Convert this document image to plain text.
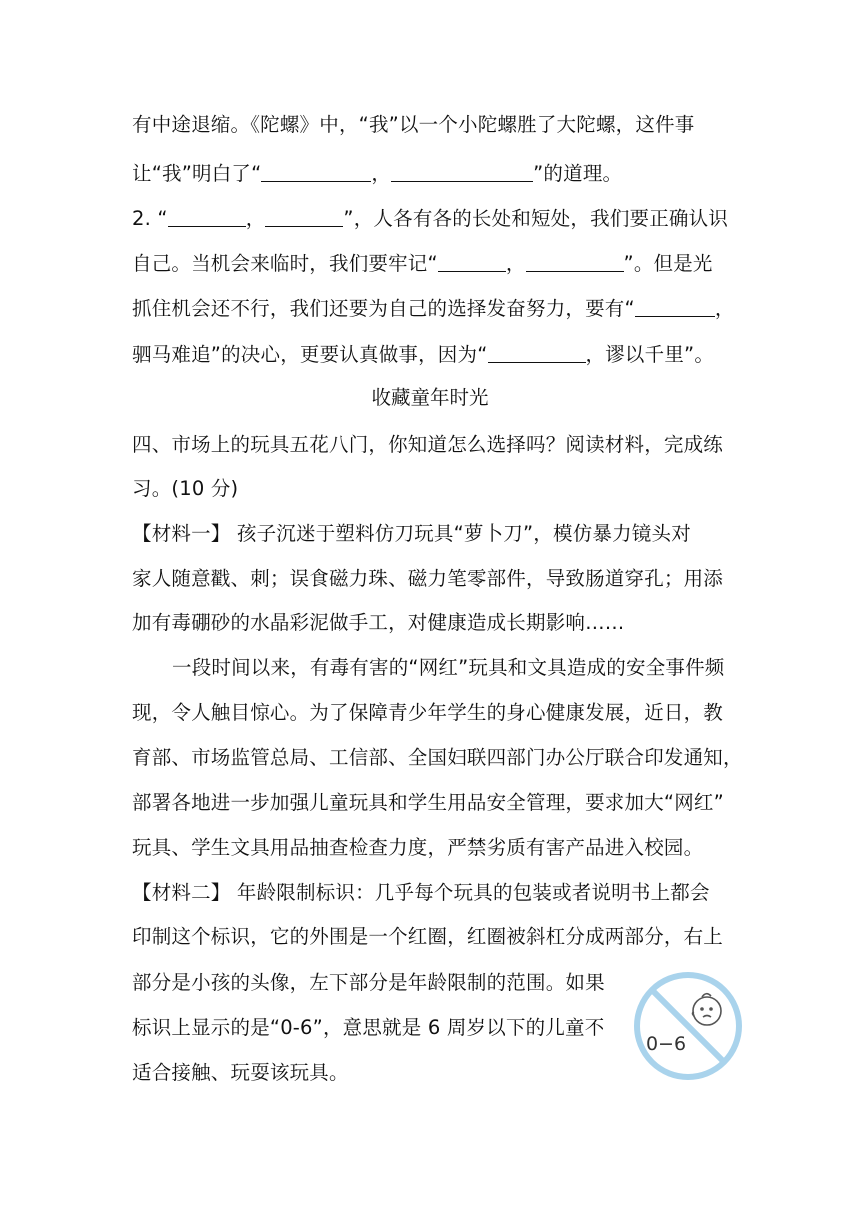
有中途退缩。《陀螺》中，“我”以一个小陀螺胜了大陀螺，这件事
让“我”明白了“	，	”的道理。
2. “	，	”，人各有各的长处和短处，我们要正确认识
自己。当机会来临时，我们要牢记“	，	”。但是光
抓住机会还不行，我们还要为自己的选择发奋努力，要有“	，
驷马难追”的决心，更要认真做事，因为“	，谬以千里”。
收藏童年时光
四、市场上的玩具五花八门，你知道怎么选择吗？阅读材料，完成练
习。(10 分)
【材料一】 孩子沉迷于塑料仿刀玩具“萝卜刀”，模仿暴力镜头对
家人随意戳、刺；误食磁力珠、磁力笔零部件，导致肠道穿孔；用添
加有毒硼砂的水晶彩泥做手工，对健康造成长期影响……
一段时间以来，有毒有害的“网红”玩具和文具造成的安全事件频
现，令人触目惊心。为了保障青少年学生的身心健康发展，近日，教
育部、市场监管总局、工信部、全国妇联四部门办公厅联合印发通知，
部署各地进一步加强儿童玩具和学生用品安全管理，要求加大“网红”
玩具、学生文具用品抽查检查力度，严禁劣质有害产品进入校园。
【材料二】 年龄限制标识：几乎每个玩具的包装或者说明书上都会
印制这个标识，它的外围是一个红圈，红圈被斜杠分成两部分，右上
部分是小孩的头像，左下部分是年龄限制的范围。如果
标识上显示的是“0-6”，意思就是 6 周岁以下的儿童不
适合接触、玩耍该玩具。
0−6
